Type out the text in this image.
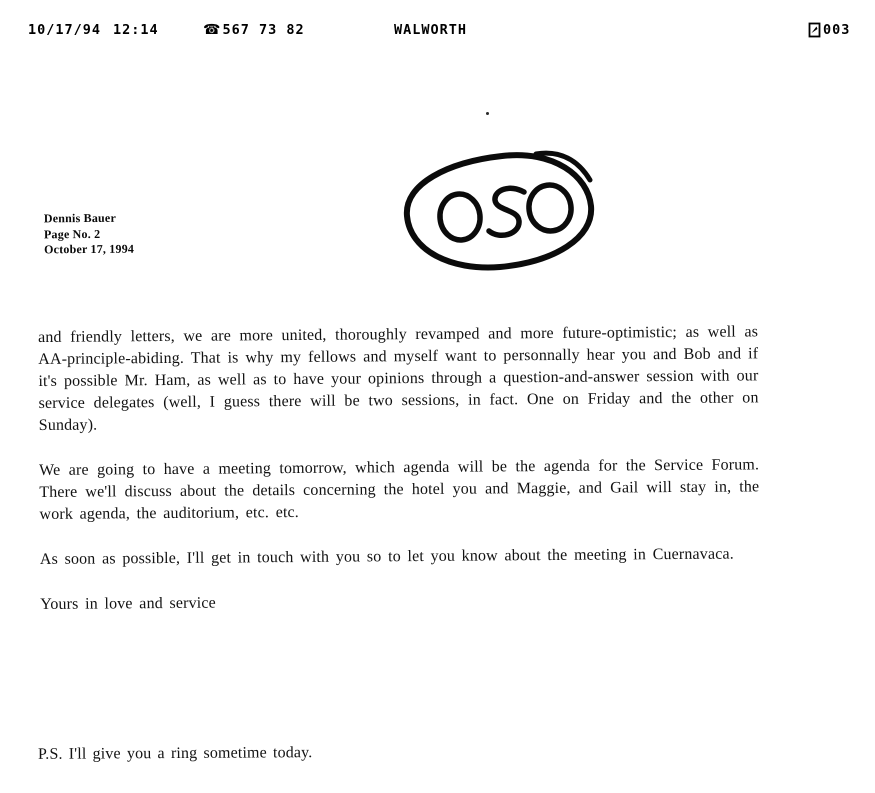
10/17/94 12:14	☎567 73 82	WALWORTH	003
Dennis Bauer
Page No. 2
October 17, 1994

and friendly letters, we are more united, thoroughly revamped and more future-optimistic; as well as AA-principle-abiding. That is why my fellows and myself want to personnally hear you and Bob and if it's possible Mr. Ham, as well as to have your opinions through a question-and-answer session with our service delegates (well, I guess there will be two sessions, in fact. One on Friday and the other on Sunday).

We are going to have a meeting tomorrow, which agenda will be the agenda for the Service Forum. There we'll discuss about the details concerning the hotel you and Maggie, and Gail will stay in, the work agenda, the auditorium, etc. etc.

As soon as possible, I'll get in touch with you so to let you know about the meeting in Cuernavaca.

Yours in love and service

P.S. I'll give you a ring sometime today.
